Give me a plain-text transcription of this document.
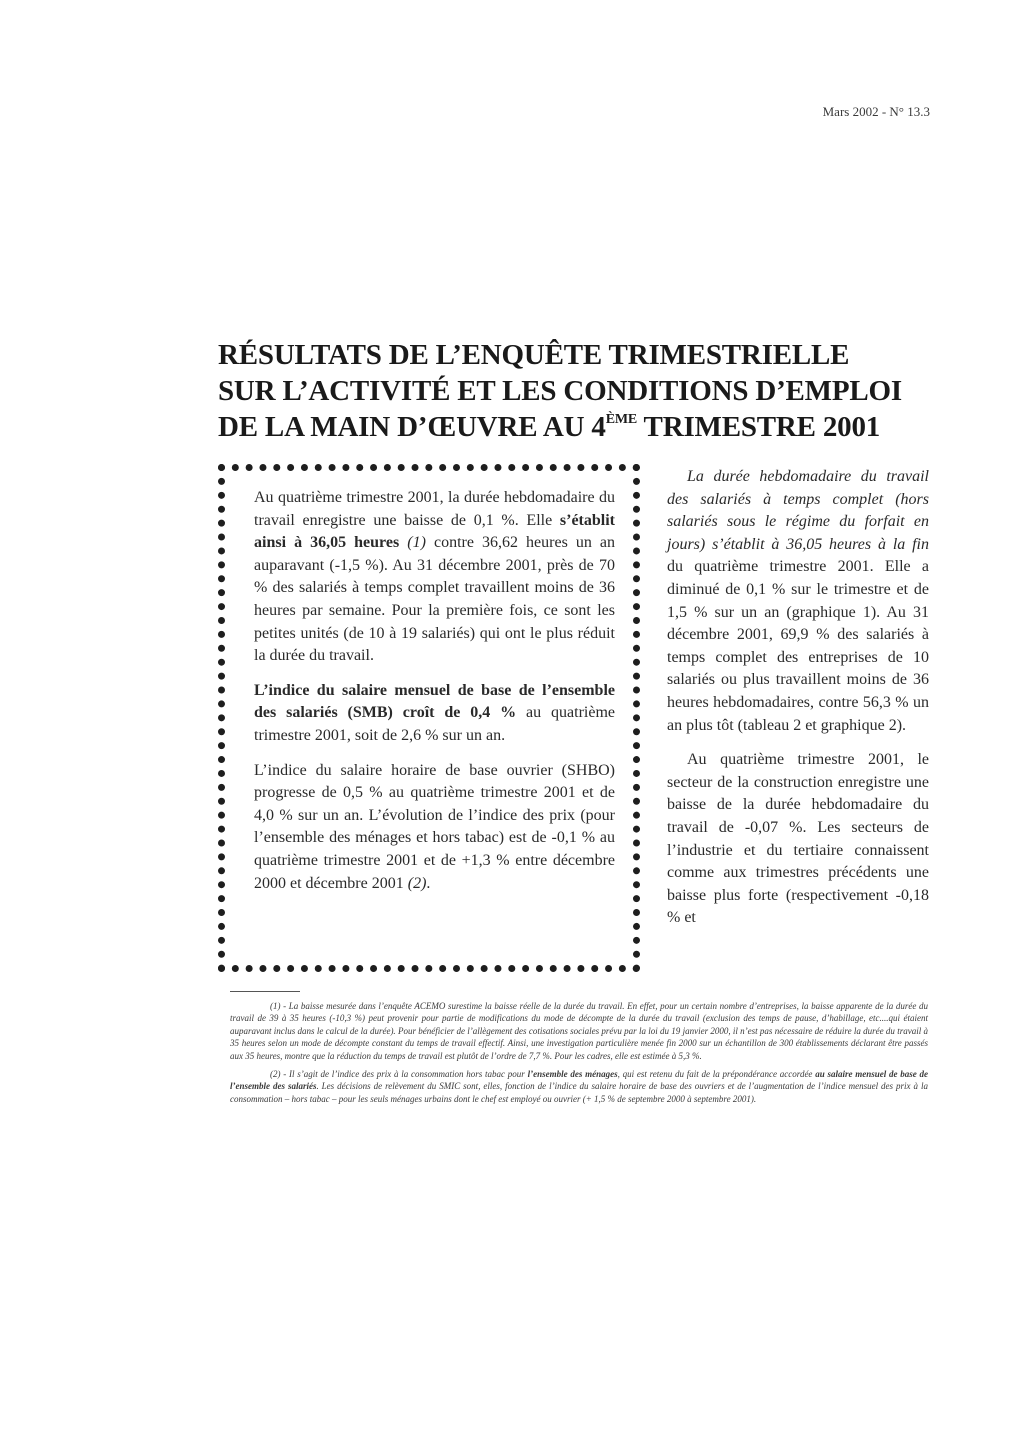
Mars 2002 - N° 13.3
RÉSULTATS DE L’ENQUÊTE TRIMESTRIELLE
SUR L’ACTIVITÉ ET LES CONDITIONS D’EMPLOI
DE LA MAIN D’ŒUVRE AU 4ÈME TRIMESTRE 2001

Au quatrième trimestre 2001, la durée hebdomadaire du travail enregistre une baisse de 0,1 %. Elle s’établit ainsi à 36,05 heures (1) contre 36,62 heures un an auparavant (-1,5 %). Au 31 décembre 2001, près de 70 % des salariés à temps complet travaillent moins de 36 heures par semaine. Pour la première fois, ce sont les petites unités (de 10 à 19 salariés) qui ont le plus réduit la durée du travail.

L’indice du salaire mensuel de base de l’ensemble des salariés (SMB) croît de 0,4 % au quatrième trimestre 2001, soit de 2,6 % sur un an.

L’indice du salaire horaire de base ouvrier (SHBO) progresse de 0,5 % au quatrième trimestre 2001 et de 4,0 % sur un an. L’évolution de l’indice des prix (pour l’ensemble des ménages et hors tabac) est de -0,1 % au quatrième trimestre 2001 et de +1,3 % entre décembre 2000 et décembre 2001 (2).

La durée hebdomadaire du travail des salariés à temps complet (hors salariés sous le régime du forfait en jours) s’établit à 36,05 heures à la fin du quatrième trimestre 2001. Elle a diminué de 0,1 % sur le trimestre et de 1,5 % sur un an (graphique 1). Au 31 décembre 2001, 69,9 % des salariés à temps complet des entreprises de 10 salariés ou plus travaillent moins de 36 heures hebdomadaires, contre 56,3 % un an plus tôt (tableau 2 et graphique 2).

Au quatrième trimestre 2001, le secteur de la construction enregistre une baisse de la durée hebdomadaire du travail de -0,07 %. Les secteurs de l’industrie et du tertiaire connaissent comme aux trimestres précédents une baisse plus forte (respectivement -0,18 % et

(1) - La baisse mesurée dans l’enquête ACEMO surestime la baisse réelle de la durée du travail. En effet, pour un certain nombre d’entreprises, la baisse apparente de la durée du travail de 39 à 35 heures (-10,3 %) peut provenir pour partie de modifications du mode de décompte de la durée du travail (exclusion des temps de pause, d’habillage, etc....qui étaient auparavant inclus dans le calcul de la durée). Pour bénéficier de l’allègement des cotisations sociales prévu par la loi du 19 janvier 2000, il n’est pas nécessaire de réduire la durée du travail à 35 heures selon un mode de décompte constant du temps de travail effectif. Ainsi, une investigation particulière menée fin 2000 sur un échantillon de 300 établissements déclarant être passés aux 35 heures, montre que la réduction du temps de travail est plutôt de l’ordre de 7,7 %. Pour les cadres, elle est estimée à 5,3 %.

(2) - Il s’agit de l’indice des prix à la consommation hors tabac pour l’ensemble des ménages, qui est retenu du fait de la prépondérance accordée au salaire mensuel de base de l’ensemble des salariés. Les décisions de relèvement du SMIC sont, elles, fonction de l’indice du salaire horaire de base des ouvriers et de l’augmentation de l’indice mensuel des prix à la consommation – hors tabac – pour les seuls ménages urbains dont le chef est employé ou ouvrier (+ 1,5 % de septembre 2000 à septembre 2001).
